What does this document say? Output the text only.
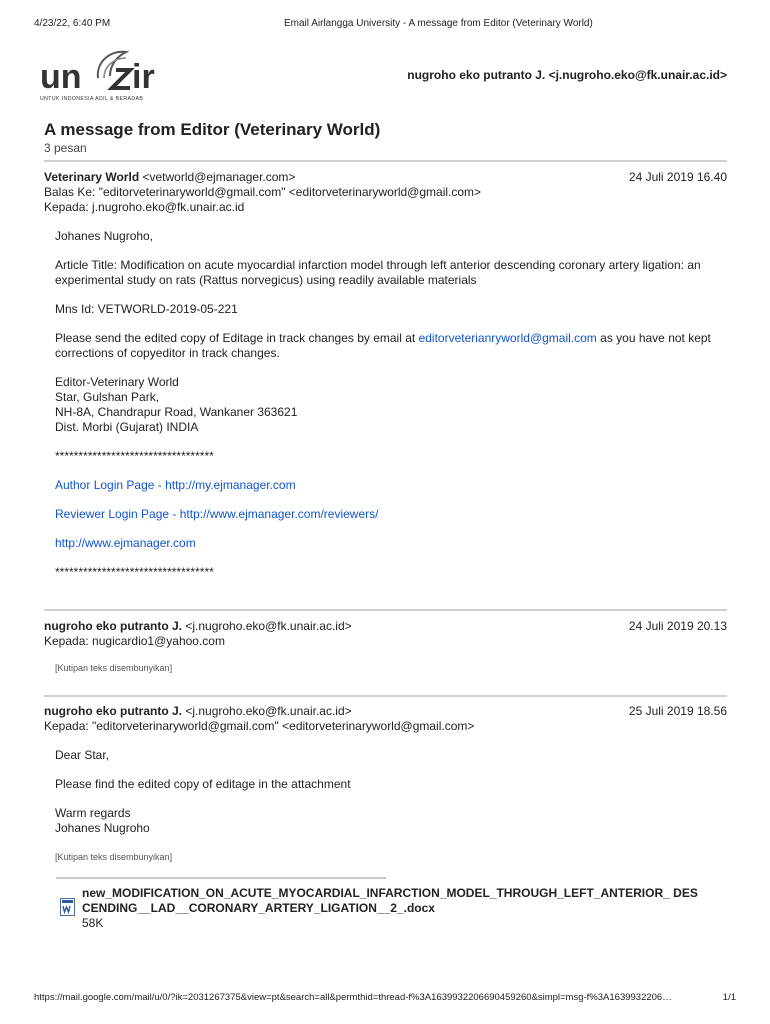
4/23/22, 6:40 PM	Email Airlangga University - A message from Editor (Veterinary World)
un ir
UNTUK INDONESIA ADIL & BERADAB
nugroho eko putranto J. <j.nugroho.eko@fk.unair.ac.id>
A message from Editor (Veterinary World)
3 pesan
Veterinary World <vetworld@ejmanager.com>	24 Juli 2019 16.40
Balas Ke: "editorveterinaryworld@gmail.com" <editorveterinaryworld@gmail.com>
Kepada: j.nugroho.eko@fk.unair.ac.id

Johanes Nugroho,

Article Title: Modification on acute myocardial infarction model through left anterior descending coronary artery ligation: an experimental study on rats (Rattus norvegicus) using readily available materials

Mns Id: VETWORLD-2019-05-221

Please send the edited copy of Editage in track changes by email at editorveterianryworld@gmail.com as you have not kept corrections of copyeditor in track changes.

Editor-Veterinary World
Star, Gulshan Park,
NH-8A, Chandrapur Road, Wankaner 363621
Dist. Morbi (Gujarat) INDIA

**********************************

Author Login Page - http://my.ejmanager.com

Reviewer Login Page - http://www.ejmanager.com/reviewers/

http://www.ejmanager.com

**********************************

nugroho eko putranto J. <j.nugroho.eko@fk.unair.ac.id>	24 Juli 2019 20.13
Kepada: nugicardio1@yahoo.com

[Kutipan teks disembunyikan]

nugroho eko putranto J. <j.nugroho.eko@fk.unair.ac.id>	25 Juli 2019 18.56
Kepada: "editorveterinaryworld@gmail.com" <editorveterinaryworld@gmail.com>

Dear Star,

Please find the edited copy of editage in the attachment

Warm regards
Johanes Nugroho

[Kutipan teks disembunyikan]

new_MODIFICATION_ON_ACUTE_MYOCARDIAL_INFARCTION_MODEL_THROUGH_LEFT_ANTERIOR_ DESCENDING__LAD__CORONARY_ARTERY_LIGATION__2_.docx
58K
https://mail.google.com/mail/u/0/?ik=2031267375&view=pt&search=all&permthid=thread-f%3A1639932206690459260&simpl=msg-f%3A1639932206…	1/1
